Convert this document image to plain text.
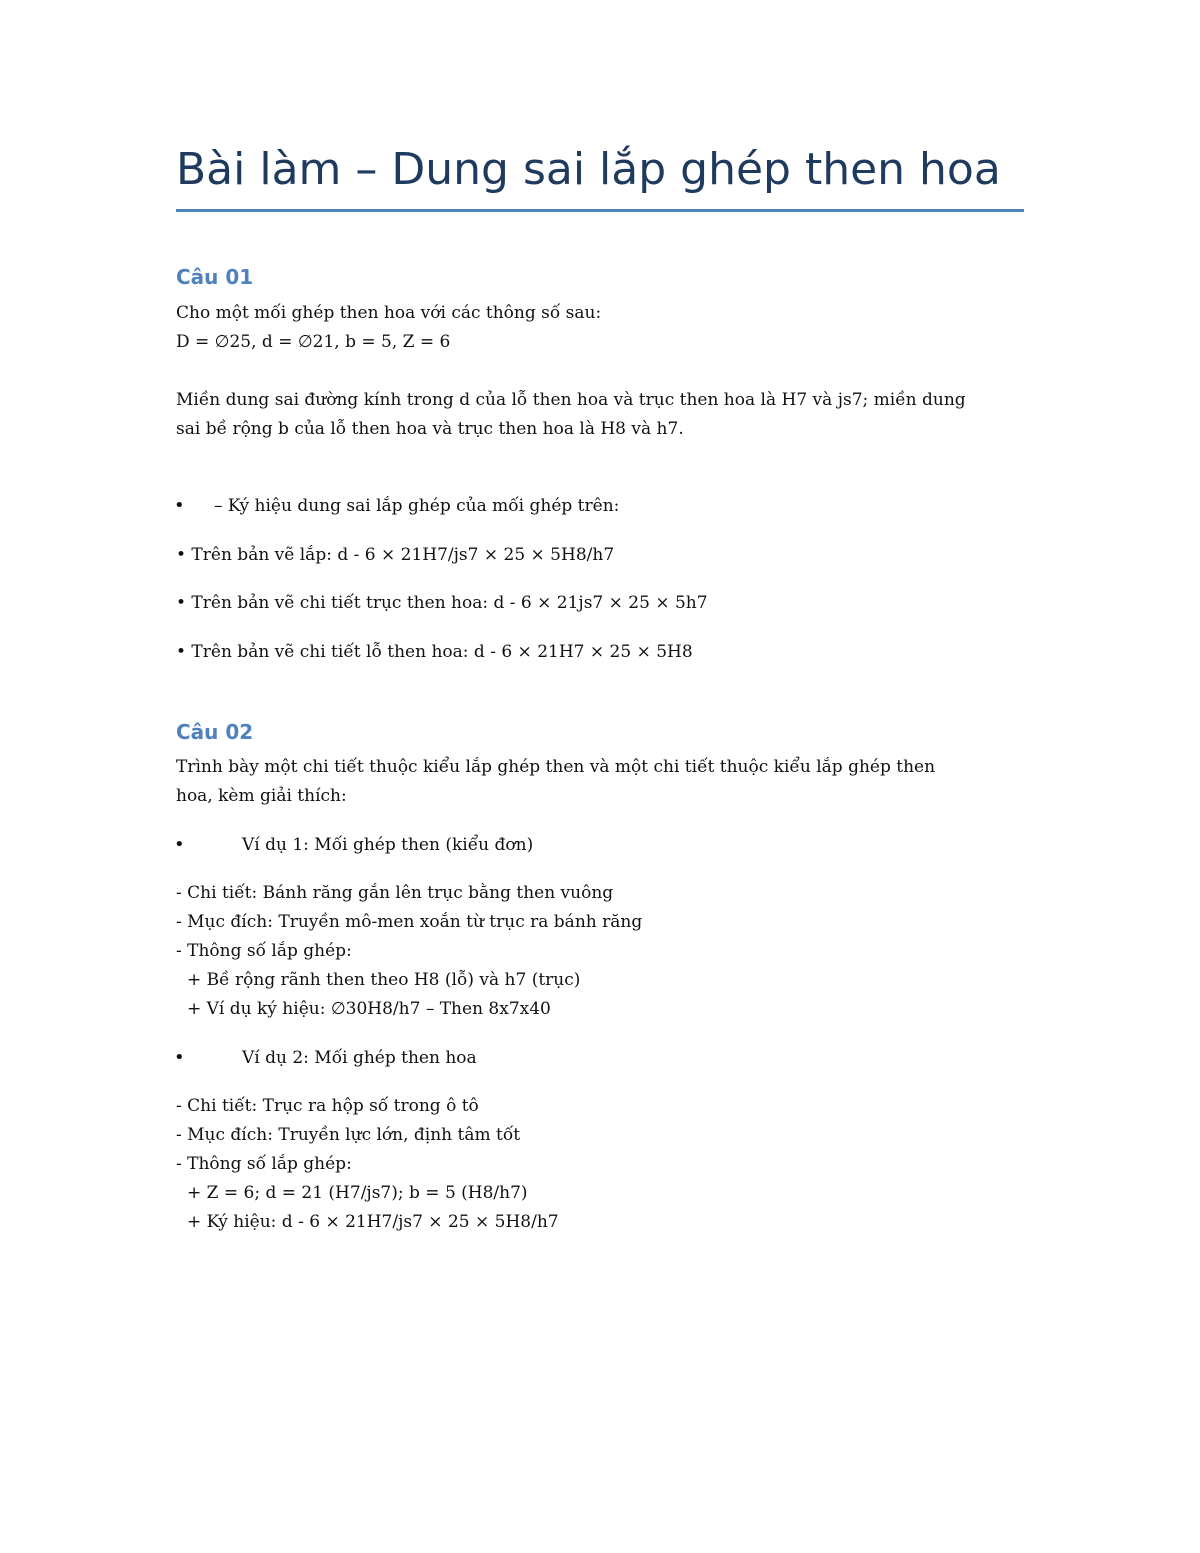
Bài làm – Dung sai lắp ghép then hoa
Câu 01
Cho một mối ghép then hoa với các thông số sau:
D = ∅25, d = ∅21, b = 5, Z = 6
Miền dung sai đường kính trong d của lỗ then hoa và trục then hoa là H7 và js7; miền dung
sai bề rộng b của lỗ then hoa và trục then hoa là H8 và h7.
• – Ký hiệu dung sai lắp ghép của mối ghép trên:
• Trên bản vẽ lắp: d - 6 × 21H7/js7 × 25 × 5H8/h7
• Trên bản vẽ chi tiết trục then hoa: d - 6 × 21js7 × 25 × 5h7
• Trên bản vẽ chi tiết lỗ then hoa: d - 6 × 21H7 × 25 × 5H8
Câu 02
Trình bày một chi tiết thuộc kiểu lắp ghép then và một chi tiết thuộc kiểu lắp ghép then
hoa, kèm giải thích:
•	Ví dụ 1: Mối ghép then (kiểu đơn)
- Chi tiết: Bánh răng gắn lên trục bằng then vuông
- Mục đích: Truyền mô-men xoắn từ trục ra bánh răng
- Thông số lắp ghép:
+ Bề rộng rãnh then theo H8 (lỗ) và h7 (trục)
+ Ví dụ ký hiệu: ∅30H8/h7 – Then 8x7x40
•	Ví dụ 2: Mối ghép then hoa
- Chi tiết: Trục ra hộp số trong ô tô
- Mục đích: Truyền lực lớn, định tâm tốt
- Thông số lắp ghép:
+ Z = 6; d = 21 (H7/js7); b = 5 (H8/h7)
+ Ký hiệu: d - 6 × 21H7/js7 × 25 × 5H8/h7
